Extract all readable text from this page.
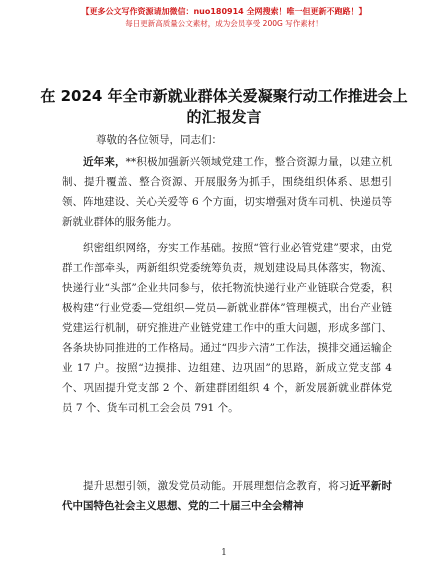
【更多公文写作资源请加微信：nuo180914 全网搜索！唯一但更新不跑路！】
每日更新高质量公文素材，成为会员享受 200G 写作素材！
在 2024 年全市新就业群体关爱凝聚行动工作推进会上的汇报发言
尊敬的各位领导，同志们：

近年来，**积极加强新兴领域党建工作，整合资源力量，以建立机制、提升覆盖、整合资源、开展服务为抓手，围绕组织体系、思想引领、阵地建设、关心关爱等 6 个方面，切实增强对货车司机、快递员等新就业群体的服务能力。

织密组织网络，夯实工作基础。按照“管行业必管党建”要求，由党群工作部牵头，两新组织党委统筹负责，规划建设局具体落实，物流、快递行业“头部”企业共同参与，依托物流快递行业产业链联合党委，积极构建“行业党委—党组织—党员—新就业群体”管理模式，出台产业链党建运行机制，研究推进产业链党建工作中的重大问题，形成多部门、各条块协同推进的工作格局。通过“四步六清”工作法，摸排交通运输企业 17 户。按照“边摸排、边组建、边巩固”的思路，新成立党支部 4 个、巩固提升党支部 2 个、新建群团组织 4 个，新发展新就业群体党员 7 个、货车司机工会会员 791 个。

提升思想引领，激发党员动能。开展理想信念教育，将习近平新时代中国特色社会主义思想、党的二十届三中全会精神

1
